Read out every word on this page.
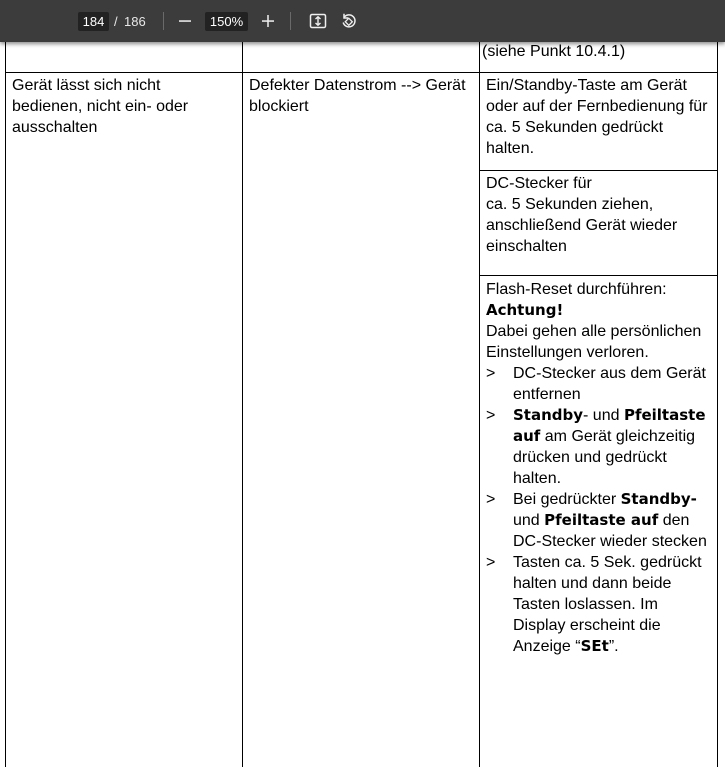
(siehe Punkt 10.4.1)
Gerät lässt sich nicht bedienen, nicht ein- oder ausschalten
Defekter Datenstrom --> Gerät blockiert
Ein/Standby-Taste am Gerät oder auf der Fernbedienung für ca. 5 Sekunden gedrückt halten.
DC-Stecker für
ca. 5 Sekunden ziehen, anschließend Gerät wieder einschalten
Flash-Reset durchführen:
Achtung!
Dabei gehen alle persönlichen Einstellungen verloren.
> DC-Stecker aus dem Gerät entfernen
> Standby- und Pfeiltaste auf am Gerät gleichzeitig drücken und gedrückt halten.
> Bei gedrückter Standby- und Pfeiltaste auf den DC-Stecker wieder stecken
> Tasten ca. 5 Sek. gedrückt halten und dann beide Tasten loslassen. Im Display erscheint die Anzeige “SEt”.
184 / 186	150%
